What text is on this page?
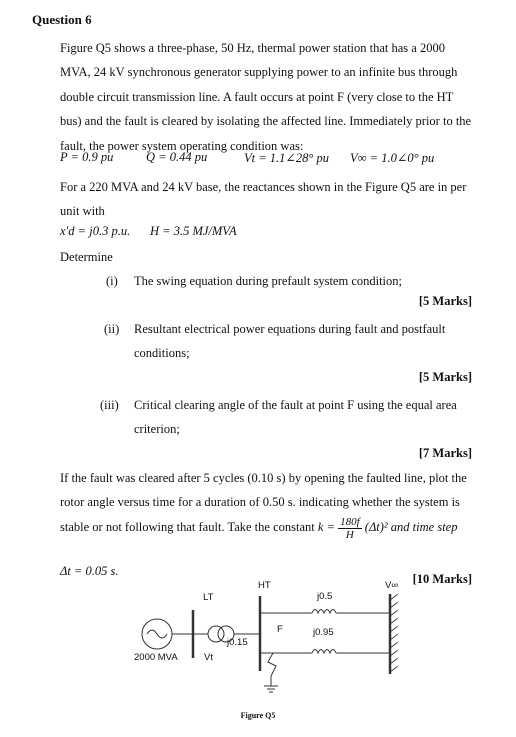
Question 6

Figure Q5 shows a three-phase, 50 Hz, thermal power station that has a 2000

MVA, 24 kV synchronous generator supplying power to an infinite bus through

double circuit transmission line. A fault occurs at point F (very close to the HT

bus) and the fault is cleared by isolating the affected line. Immediately prior to the

fault, the power system operating condition was:

P = 0.9 pu	Q = 0.44 pu	Vt = 1.1∠28° pu V∞ = 1.0∠0° pu

For a 220 MVA and 24 kV base, the reactances shown in the Figure Q5 are in per

unit with

x′d = j0.3 p.u. H = 3.5 MJ/MVA
Determine
(i) The swing equation during prefault system condition;
[5 Marks]
(ii) Resultant electrical power equations during fault and postfault
conditions;
[5 Marks]
(iii) Critical clearing angle of the fault at point F using the equal area
criterion;
[7 Marks]

If the fault was cleared after 5 cycles (0.10 s) by opening the faulted line, plot the

rotor angle versus time for a duration of 0.50 s. indicating whether the system is

stable or not following that fault. Take the constant $k = \frac{180f}{H} (\Delta t)^2$ and time step
Δt = 0.05 s.
[10 Marks]
LT
HT
j0.5
V∞
F	j0.95
j0.15
2000 MVA	Vt
Figure Q5
